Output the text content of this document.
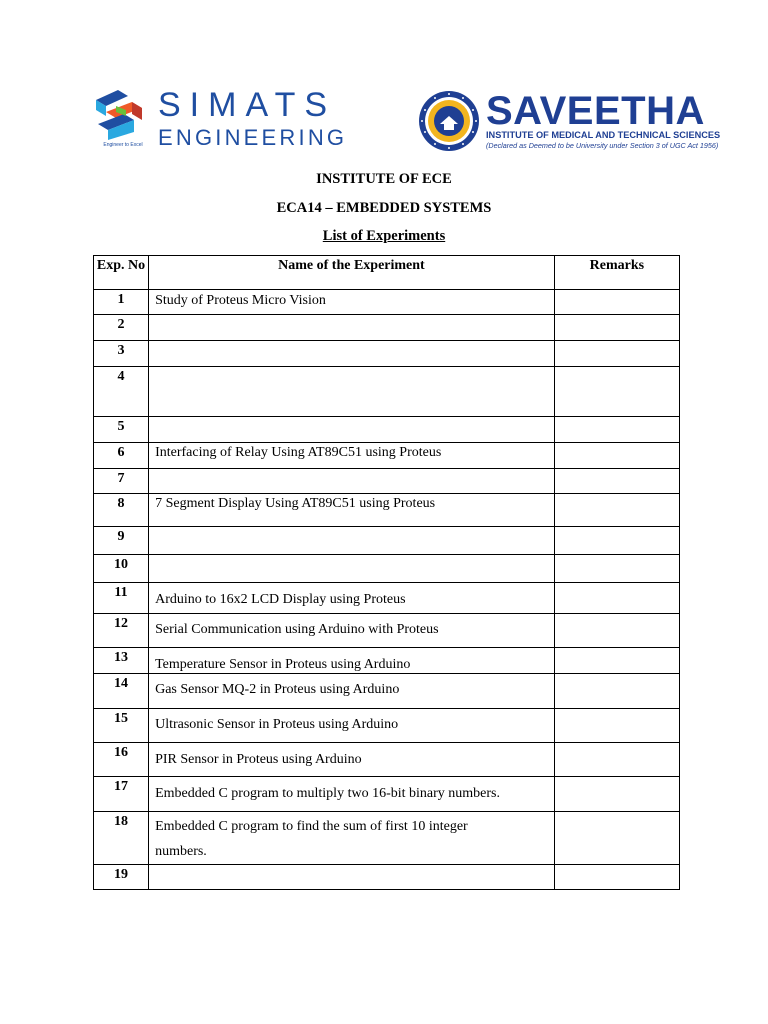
Engineer to Excel
SIMATS
ENGINEERING
SAVEETHA
INSTITUTE OF MEDICAL AND TECHNICAL SCIENCES
(Declared as Deemed to be University under Section 3 of UGC Act 1956)
INSTITUTE OF ECE
ECA14 – EMBEDDED SYSTEMS
List of Experiments
Exp. No	Name of the Experiment	Remarks
1	Study of Proteus Micro Vision	
2		
3		
4		
5		
6	Interfacing of Relay Using AT89C51 using Proteus	
7		
8	7 Segment Display Using AT89C51 using Proteus	
9		
10		
11	Arduino to 16x2 LCD Display using Proteus	
12	Serial Communication using Arduino with Proteus	
13	Temperature Sensor in Proteus using Arduino	
14	Gas Sensor MQ-2 in Proteus using Arduino	
15	Ultrasonic Sensor in Proteus using Arduino	
16	PIR Sensor in Proteus using Arduino	
17	Embedded C program to multiply two 16-bit binary numbers.	
18	Embedded C program to find the sum of first 10 integer numbers.	
19		
